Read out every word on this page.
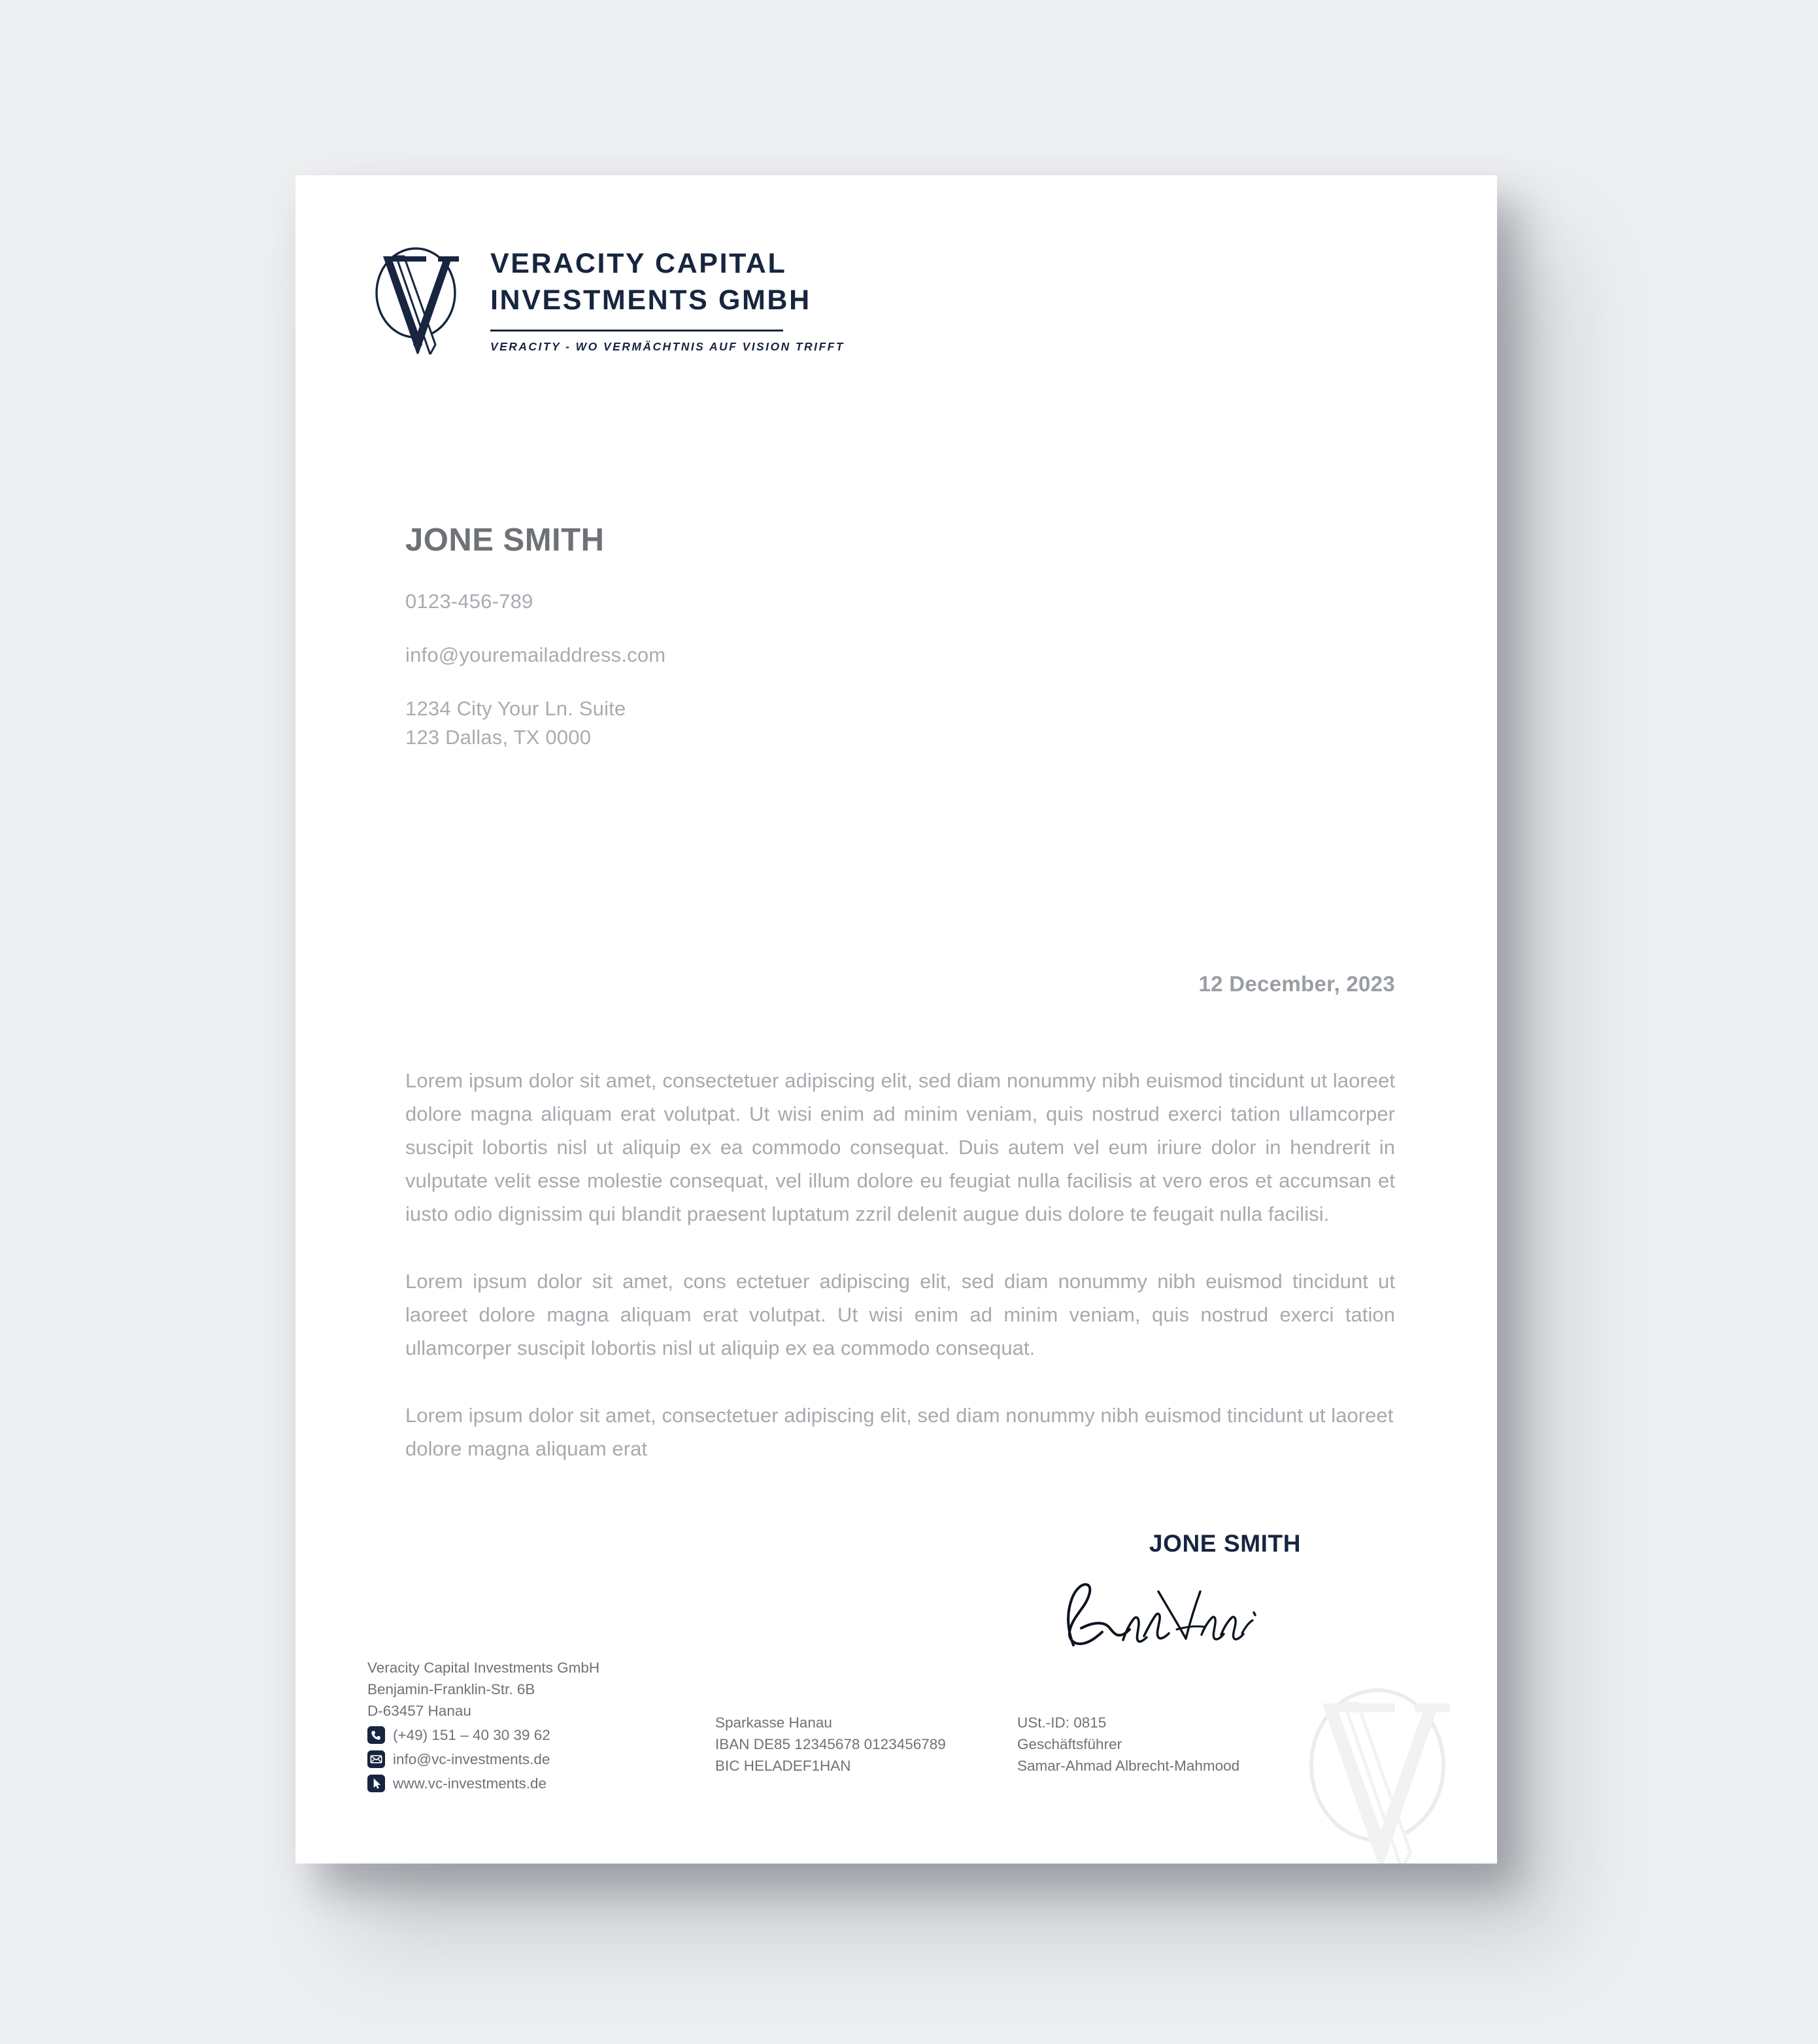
VERACITY CAPITAL
INVESTMENTS GMBH
VERACITY - WO VERMÄCHTNIS AUF VISION TRIFFT
JONE SMITH
0123-456-789
info@youremailaddress.com
1234 City Your Ln. Suite
123 Dallas, TX 0000
12 December, 2023

Lorem ipsum dolor sit amet, consectetuer adipiscing elit, sed diam nonummy nibh euismod tincidunt ut laoreet dolore magna aliquam erat volutpat. Ut wisi enim ad minim veniam, quis nostrud exerci tation ullamcorper suscipit lobortis nisl ut aliquip ex ea commodo consequat. Duis autem vel eum iriure dolor in hendrerit in vulputate velit esse molestie consequat, vel illum dolore eu feugiat nulla facilisis at vero eros et accumsan et iusto odio dignissim qui blandit praesent luptatum zzril delenit augue duis dolore te feugait nulla facilisi.

Lorem ipsum dolor sit amet, cons ectetuer adipiscing elit, sed diam nonummy nibh euismod tincidunt ut laoreet dolore magna aliquam erat volutpat. Ut wisi enim ad minim veniam, quis nostrud exerci tation ullamcorper suscipit lobortis nisl ut aliquip ex ea commodo consequat.

Lorem ipsum dolor sit amet, consectetuer adipiscing elit, sed diam nonummy nibh euismod tincidunt ut laoreet dolore magna aliquam erat

JONE SMITH
Veracity Capital Investments GmbH
Benjamin-Franklin-Str. 6B
D-63457 Hanau
(+49) 151 – 40 30 39 62
info@vc-investments.de
www.vc-investments.de
Sparkasse Hanau
IBAN DE85 12345678 0123456789
BIC HELADEF1HAN
USt.-ID: 0815
Geschäftsführer
Samar-Ahmad Albrecht-Mahmood
